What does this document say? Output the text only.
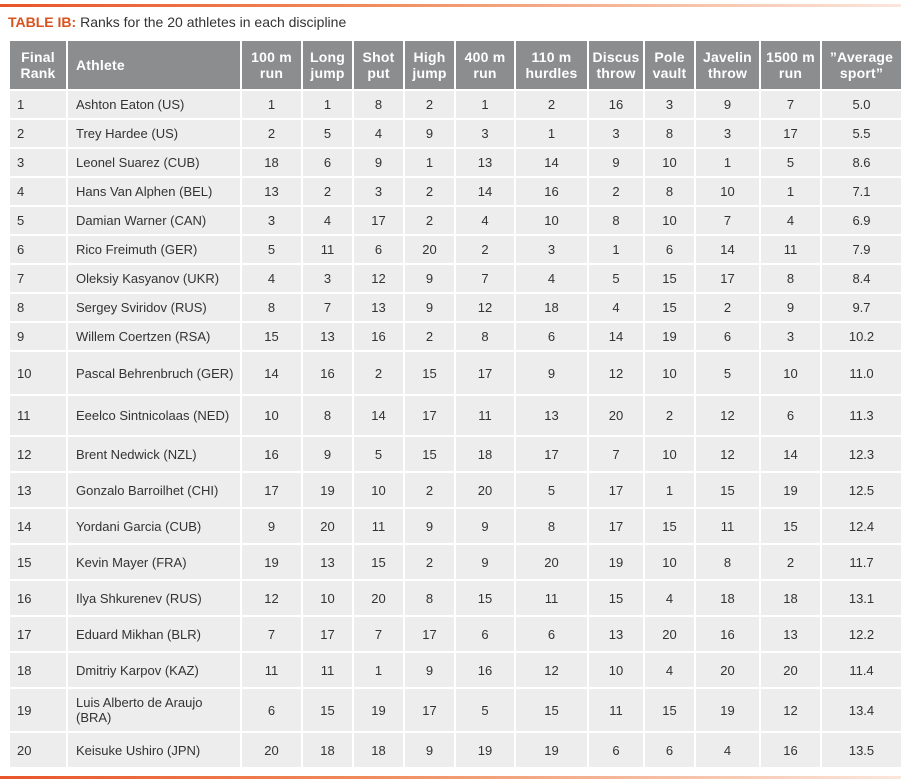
TABLE IB: Ranks for the 20 athletes in each discipline
Final Rank	Athlete	100 m run	Long jump	Shot put	High jump	400 m run	110 m hurdles	Discus throw	Pole vault	Javelin throw	1500 m run	”Average sport”
1	Ashton Eaton (US)	1	1	8	2	1	2	16	3	9	7	5.0
2	Trey Hardee (US)	2	5	4	9	3	1	3	8	3	17	5.5
3	Leonel Suarez (CUB)	18	6	9	1	13	14	9	10	1	5	8.6
4	Hans Van Alphen (BEL)	13	2	3	2	14	16	2	8	10	1	7.1
5	Damian Warner (CAN)	3	4	17	2	4	10	8	10	7	4	6.9
6	Rico Freimuth (GER)	5	11	6	20	2	3	1	6	14	11	7.9
7	Oleksiy Kasyanov (UKR)	4	3	12	9	7	4	5	15	17	8	8.4
8	Sergey Sviridov (RUS)	8	7	13	9	12	18	4	15	2	9	9.7
9	Willem Coertzen (RSA)	15	13	16	2	8	6	14	19	6	3	10.2
10	Pascal Behrenbruch (GER)	14	16	2	15	17	9	12	10	5	10	11.0
11	Eeelco Sintnicolaas (NED)	10	8	14	17	11	13	20	2	12	6	11.3
12	Brent Nedwick (NZL)	16	9	5	15	18	17	7	10	12	14	12.3
13	Gonzalo Barroilhet (CHI)	17	19	10	2	20	5	17	1	15	19	12.5
14	Yordani Garcia (CUB)	9	20	11	9	9	8	17	15	11	15	12.4
15	Kevin Mayer (FRA)	19	13	15	2	9	20	19	10	8	2	11.7
16	Ilya Shkurenev (RUS)	12	10	20	8	15	11	15	4	18	18	13.1
17	Eduard Mikhan (BLR)	7	17	7	17	6	6	13	20	16	13	12.2
18	Dmitriy Karpov (KAZ)	11	11	1	9	16	12	10	4	20	20	11.4
19	Luis Alberto de Araujo (BRA)	6	15	19	17	5	15	11	15	19	12	13.4
20	Keisuke Ushiro (JPN)	20	18	18	9	19	19	6	6	4	16	13.5
